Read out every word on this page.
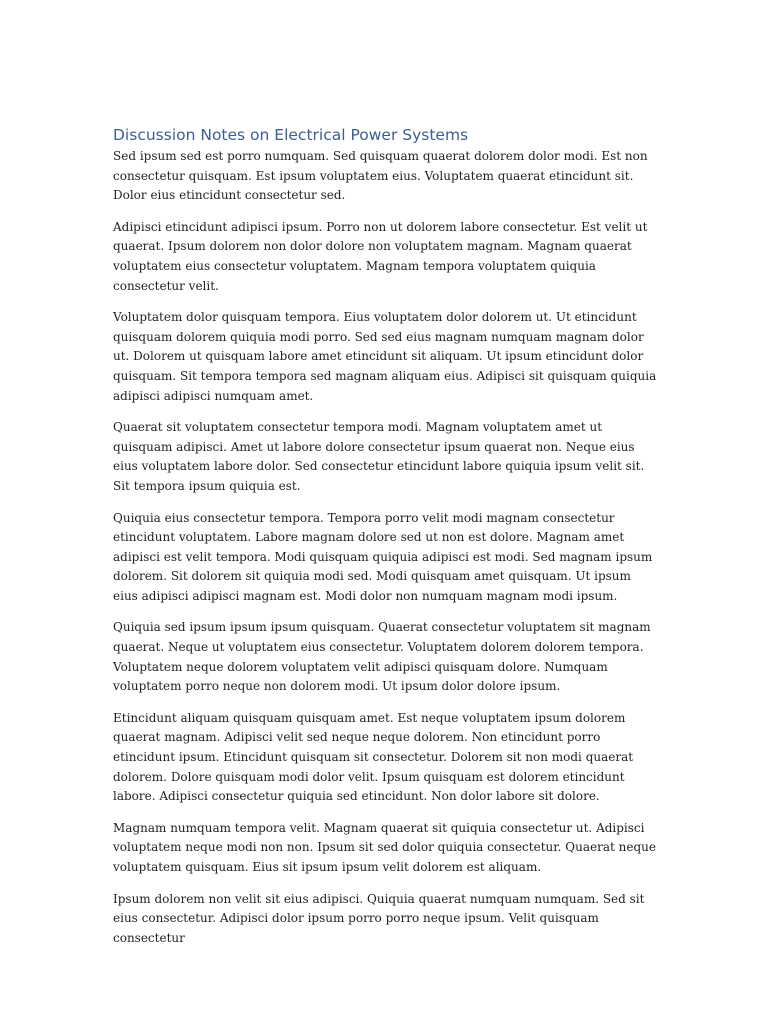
Discussion Notes on Electrical Power Systems

Sed ipsum sed est porro numquam. Sed quisquam quaerat dolorem dolor modi. Est non consectetur quisquam. Est ipsum voluptatem eius. Voluptatem quaerat etincidunt sit. Dolor eius etincidunt consectetur sed.

Adipisci etincidunt adipisci ipsum. Porro non ut dolorem labore consectetur. Est velit ut quaerat. Ipsum dolorem non dolor dolore non voluptatem magnam. Magnam quaerat voluptatem eius consectetur voluptatem. Magnam tempora voluptatem quiquia consectetur velit.

Voluptatem dolor quisquam tempora. Eius voluptatem dolor dolorem ut. Ut etincidunt quisquam dolorem quiquia modi porro. Sed sed eius magnam numquam magnam dolor ut. Dolorem ut quisquam labore amet etincidunt sit aliquam. Ut ipsum etincidunt dolor quisquam. Sit tempora tempora sed magnam aliquam eius. Adipisci sit quisquam quiquia adipisci adipisci numquam amet.

Quaerat sit voluptatem consectetur tempora modi. Magnam voluptatem amet ut quisquam adipisci. Amet ut labore dolore consectetur ipsum quaerat non. Neque eius eius voluptatem labore dolor. Sed consectetur etincidunt labore quiquia ipsum velit sit. Sit tempora ipsum quiquia est.

Quiquia eius consectetur tempora. Tempora porro velit modi magnam consectetur etincidunt voluptatem. Labore magnam dolore sed ut non est dolore. Magnam amet adipisci est velit tempora. Modi quisquam quiquia adipisci est modi. Sed magnam ipsum dolorem. Sit dolorem sit quiquia modi sed. Modi quisquam amet quisquam. Ut ipsum eius adipisci adipisci magnam est. Modi dolor non numquam magnam modi ipsum.

Quiquia sed ipsum ipsum ipsum quisquam. Quaerat consectetur voluptatem sit magnam quaerat. Neque ut voluptatem eius consectetur. Voluptatem dolorem dolorem tempora. Voluptatem neque dolorem voluptatem velit adipisci quisquam dolore. Numquam voluptatem porro neque non dolorem modi. Ut ipsum dolor dolore ipsum.

Etincidunt aliquam quisquam quisquam amet. Est neque voluptatem ipsum dolorem quaerat magnam. Adipisci velit sed neque neque dolorem. Non etincidunt porro etincidunt ipsum. Etincidunt quisquam sit consectetur. Dolorem sit non modi quaerat dolorem. Dolore quisquam modi dolor velit. Ipsum quisquam est dolorem etincidunt labore. Adipisci consectetur quiquia sed etincidunt. Non dolor labore sit dolore.

Magnam numquam tempora velit. Magnam quaerat sit quiquia consectetur ut. Adipisci voluptatem neque modi non non. Ipsum sit sed dolor quiquia consectetur. Quaerat neque voluptatem quisquam. Eius sit ipsum ipsum velit dolorem est aliquam.

Ipsum dolorem non velit sit eius adipisci. Quiquia quaerat numquam numquam. Sed sit eius consectetur. Adipisci dolor ipsum porro porro neque ipsum. Velit quisquam consectetur
